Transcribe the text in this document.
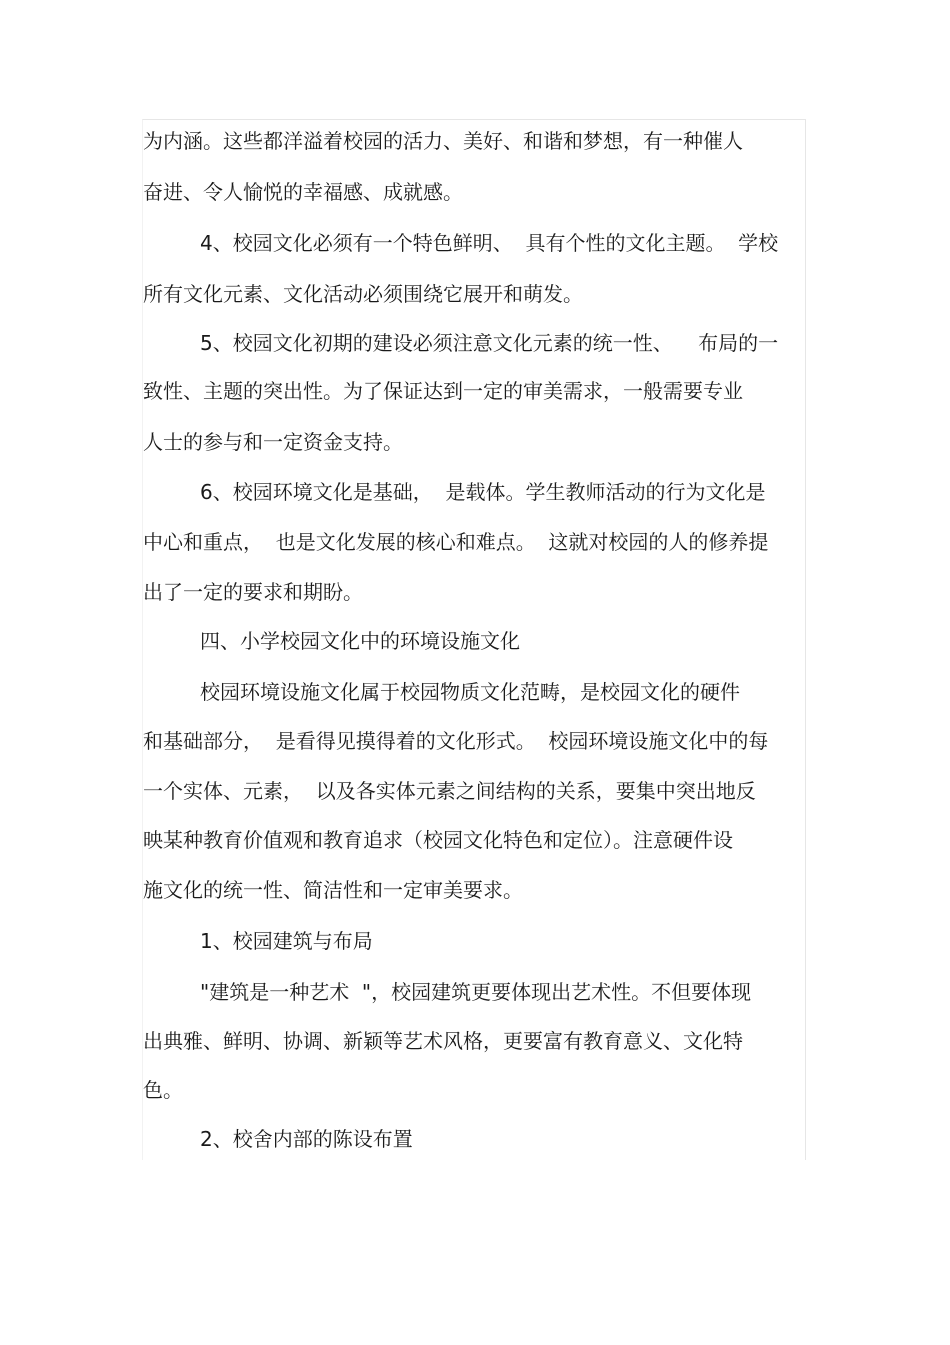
为内涵。这些都洋溢着校园的活力、美好、和谐和梦想，有一种催人
奋进、令人愉悦的幸福感、成就感。
4、校园文化必须有一个特色鲜明、  具有个性的文化主题。  学校
所有文化元素、文化活动必须围绕它展开和萌发。
5、校园文化初期的建设必须注意文化元素的统一性、    布局的一
致性、主题的突出性。为了保证达到一定的审美需求，一般需要专业
人士的参与和一定资金支持。
6、校园环境文化是基础，  是载体。学生教师活动的行为文化是
中心和重点，  也是文化发展的核心和难点。  这就对校园的人的修养提
出了一定的要求和期盼。
四、小学校园文化中的环境设施文化
校园环境设施文化属于校园物质文化范畴，是校园文化的硬件
和基础部分，  是看得见摸得着的文化形式。  校园环境设施文化中的每
一个实体、元素，  以及各实体元素之间结构的关系，要集中突出地反
映某种教育价值观和教育追求（校园文化特色和定位）。注意硬件设
施文化的统一性、简洁性和一定审美要求。
1、校园建筑与布局
"建筑是一种艺术  "，校园建筑更要体现出艺术性。不但要体现
出典雅、鲜明、协调、新颖等艺术风格，更要富有教育意义、文化特
色。
2、校舍内部的陈设布置
